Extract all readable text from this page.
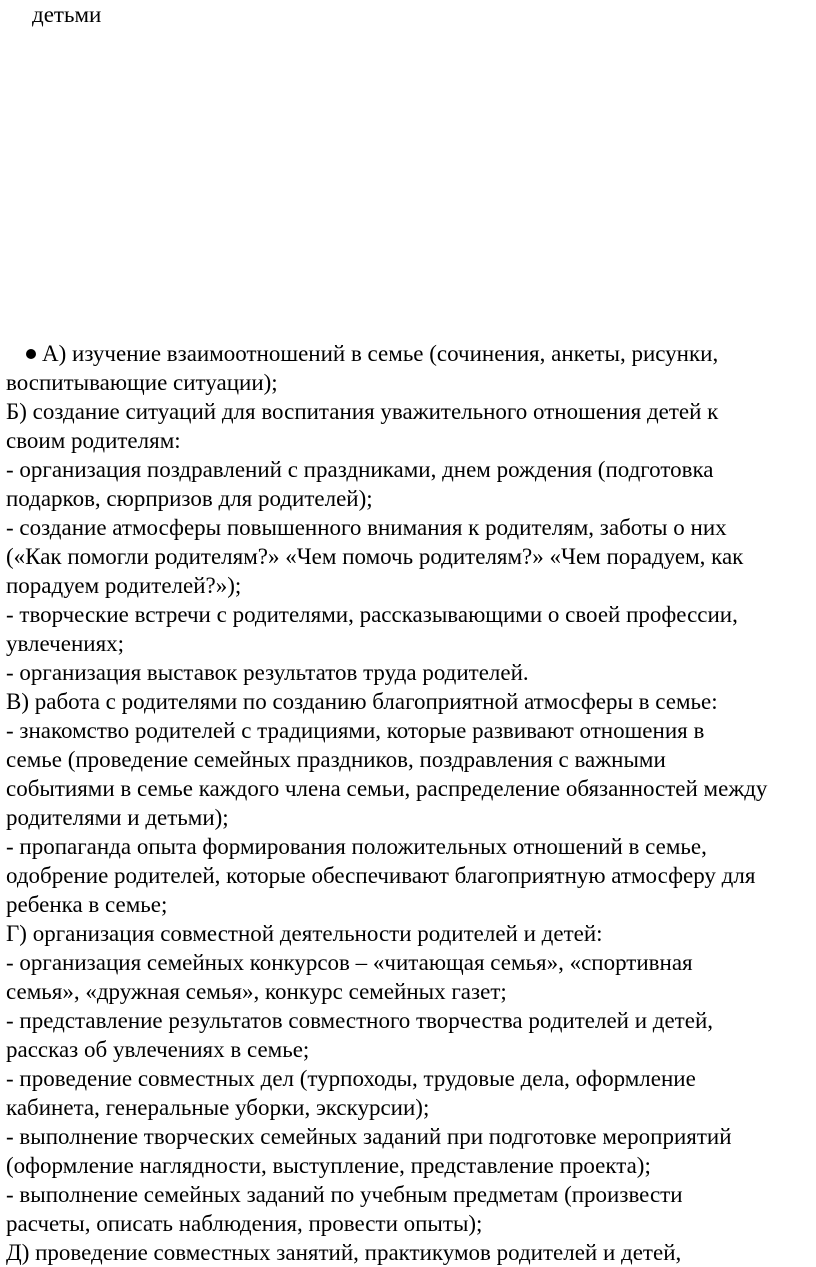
детьми
А) изучение взаимоотношений в семье (сочинения, анкеты, рисунки,
воспитывающие ситуации);
Б) создание ситуаций для воспитания уважительного отношения детей к
своим родителям:
- организация поздравлений с праздниками, днем рождения (подготовка
подарков, сюрпризов для родителей);
- создание атмосферы повышенного внимания к родителям, заботы о них
(«Как помогли родителям?» «Чем помочь родителям?» «Чем порадуем, как
порадуем родителей?»);
- творческие встречи с родителями, рассказывающими о своей профессии,
увлечениях;
- организация выставок результатов труда родителей.
В) работа с родителями по созданию благоприятной атмосферы в семье:
- знакомство родителей с традициями, которые развивают отношения в
семье (проведение семейных праздников, поздравления с важными
событиями в семье каждого члена семьи, распределение обязанностей между
родителями и детьми);
- пропаганда опыта формирования положительных отношений в семье,
одобрение родителей, которые обеспечивают благоприятную атмосферу для
ребенка в семье;
Г) организация совместной деятельности родителей и детей:
- организация семейных конкурсов – «читающая семья», «спортивная
семья», «дружная семья», конкурс семейных газет;
- представление результатов совместного творчества родителей и детей,
рассказ об увлечениях в семье;
- проведение совместных дел (турпоходы, трудовые дела, оформление
кабинета, генеральные уборки, экскурсии);
- выполнение творческих семейных заданий при подготовке мероприятий
(оформление наглядности, выступление, представление проекта);
- выполнение семейных заданий по учебным предметам (произвести
расчеты, описать наблюдения, провести опыты);
Д) проведение совместных занятий, практикумов родителей и детей,
